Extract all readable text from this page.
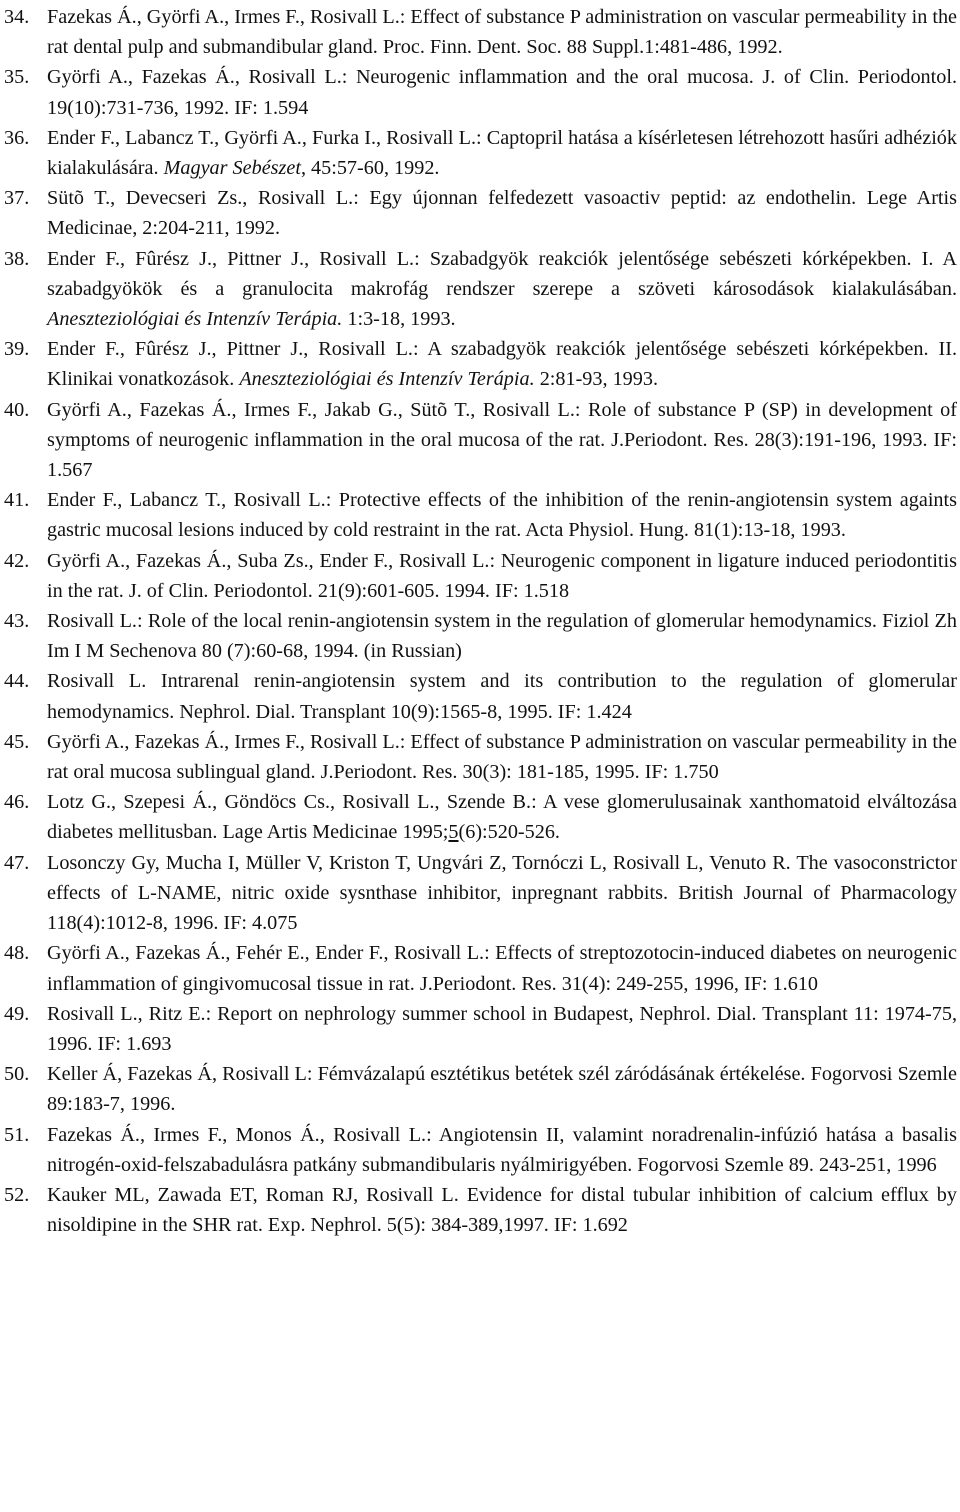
34. Fazekas Á., Györfi A., Irmes F., Rosivall L.: Effect of substance P administration on vascular permeability in the rat dental pulp and submandibular gland. Proc. Finn. Dent. Soc. 88 Suppl.1:481-486, 1992.
35. Györfi A., Fazekas Á., Rosivall L.: Neurogenic inflammation and the oral mucosa. J. of Clin. Periodontol. 19(10):731-736, 1992. IF: 1.594
36. Ender F., Labancz T., Györfi A., Furka I., Rosivall L.: Captopril hatása a kísérletesen létrehozott hasűri adhéziók kialakulására. Magyar Sebészet, 45:57-60, 1992.
37. Sütõ T., Devecseri Zs., Rosivall L.: Egy újonnan felfedezett vasoactiv peptid: az endothelin. Lege Artis Medicinae, 2:204-211, 1992.
38. Ender F., Fûrész J., Pittner J., Rosivall L.: Szabadgyök reakciók jelentősége sebészeti kórképekben. I. A szabadgyökök és a granulocita makrofág rendszer szerepe a szöveti károsodások kialakulásában. Aneszteziológiai és Intenzív Terápia. 1:3-18, 1993.
39. Ender F., Fûrész J., Pittner J., Rosivall L.: A szabadgyök reakciók jelentősége sebészeti kórképekben. II. Klinikai vonatkozások. Aneszteziológiai és Intenzív Terápia. 2:81-93, 1993.
40. Györfi A., Fazekas Á., Irmes F., Jakab G., Sütõ T., Rosivall L.: Role of substance P (SP) in development of symptoms of neurogenic inflammation in the oral mucosa of the rat. J.Periodont. Res. 28(3):191-196, 1993. IF: 1.567
41. Ender F., Labancz T., Rosivall L.: Protective effects of the inhibition of the renin-angiotensin system againts gastric mucosal lesions induced by cold restraint in the rat. Acta Physiol. Hung. 81(1):13-18, 1993.
42. Györfi A., Fazekas Á., Suba Zs., Ender F., Rosivall L.: Neurogenic component in ligature induced periodontitis in the rat. J. of Clin. Periodontol. 21(9):601-605. 1994. IF: 1.518
43. Rosivall L.: Role of the local renin-angiotensin system in the regulation of glomerular hemodynamics. Fiziol Zh Im I M Sechenova 80 (7):60-68, 1994. (in Russian)
44. Rosivall L. Intrarenal renin-angiotensin system and its contribution to the regulation of glomerular hemodynamics. Nephrol. Dial. Transplant 10(9):1565-8, 1995. IF: 1.424
45. Györfi A., Fazekas Á., Irmes F., Rosivall L.: Effect of substance P administration on vascular permeability in the rat oral mucosa sublingual gland. J.Periodont. Res. 30(3): 181-185, 1995. IF: 1.750
46. Lotz G., Szepesi Á., Göndöcs Cs., Rosivall L., Szende B.: A vese glomerulusainak xanthomatoid elváltozása diabetes mellitusban. Lage Artis Medicinae 1995;5(6):520-526.
47. Losonczy Gy, Mucha I, Müller V, Kriston T, Ungvári Z, Tornóczi L, Rosivall L, Venuto R. The vasoconstrictor effects of L-NAME, nitric oxide sysnthase inhibitor, inpregnant rabbits. British Journal of Pharmacology 118(4):1012-8, 1996. IF: 4.075
48. Györfi A., Fazekas Á., Fehér E., Ender F., Rosivall L.: Effects of streptozotocin-induced diabetes on neurogenic inflammation of gingivomucosal tissue in rat. J.Periodont. Res. 31(4): 249-255, 1996, IF: 1.610
49. Rosivall L., Ritz E.: Report on nephrology summer school in Budapest, Nephrol. Dial. Transplant 11: 1974-75, 1996. IF: 1.693
50. Keller Á, Fazekas Á, Rosivall L: Fémvázalapú esztétikus betétek szél záródásának értékelése. Fogorvosi Szemle 89:183-7, 1996.
51. Fazekas Á., Irmes F., Monos Á., Rosivall L.: Angiotensin II, valamint noradrenalin-infúzió hatása a basalis nitrogén-oxid-felszabadulásra patkány submandibularis nyálmirigyében. Fogorvosi Szemle 89. 243-251, 1996
52. Kauker ML, Zawada ET, Roman RJ, Rosivall L. Evidence for distal tubular inhibition of calcium efflux by nisoldipine in the SHR rat. Exp. Nephrol. 5(5): 384-389,1997. IF: 1.692
